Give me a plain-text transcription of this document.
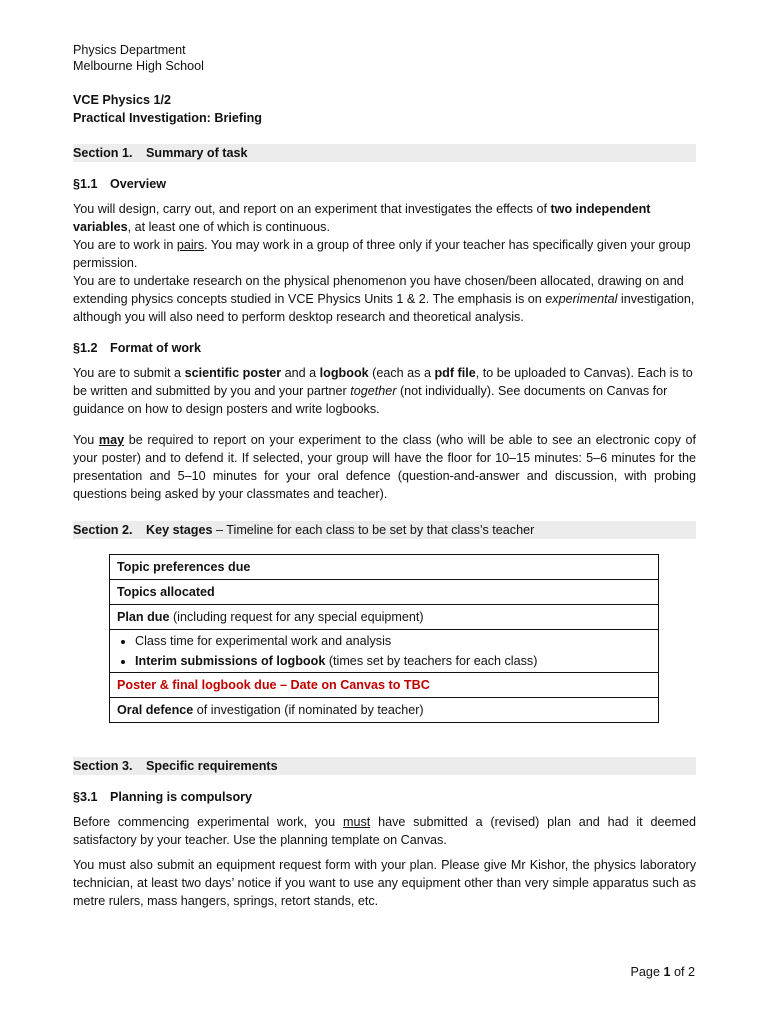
Physics Department
Melbourne High School
VCE Physics 1/2
Practical Investigation: Briefing
Section 1. Summary of task
§1.1 Overview

You will design, carry out, and report on an experiment that investigates the effects of two independent variables, at least one of which is continuous.

You are to work in pairs. You may work in a group of three only if your teacher has specifically given your group permission.

You are to undertake research on the physical phenomenon you have chosen/been allocated, drawing on and extending physics concepts studied in VCE Physics Units 1 & 2. The emphasis is on experimental investigation, although you will also need to perform desktop research and theoretical analysis.

§1.2 Format of work

You are to submit a scientific poster and a logbook (each as a pdf file, to be uploaded to Canvas). Each is to be written and submitted by you and your partner together (not individually). See documents on Canvas for guidance on how to design posters and write logbooks.

You may be required to report on your experiment to the class (who will be able to see an electronic copy of your poster) and to defend it. If selected, your group will have the floor for 10–15 minutes: 5–6 minutes for the presentation and 5–10 minutes for your oral defence (question-and-answer and discussion, with probing questions being asked by your classmates and teacher).

Section 2. Key stages – Timeline for each class to be set by that class’s teacher
Topic preferences due
Topics allocated
Plan due (including request for any special equipment)

• Class time for experimental work and analysis
• Interim submissions of logbook (times set by teachers for each class)

Poster & final logbook due – Date on Canvas to TBC
Oral defence of investigation (if nominated by teacher)
Section 3. Specific requirements
§3.1 Planning is compulsory

Before commencing experimental work, you must have submitted a (revised) plan and had it deemed satisfactory by your teacher. Use the planning template on Canvas.

You must also submit an equipment request form with your plan. Please give Mr Kishor, the physics laboratory technician, at least two days’ notice if you want to use any equipment other than very simple apparatus such as metre rulers, mass hangers, springs, retort stands, etc.

Page 1 of 2
